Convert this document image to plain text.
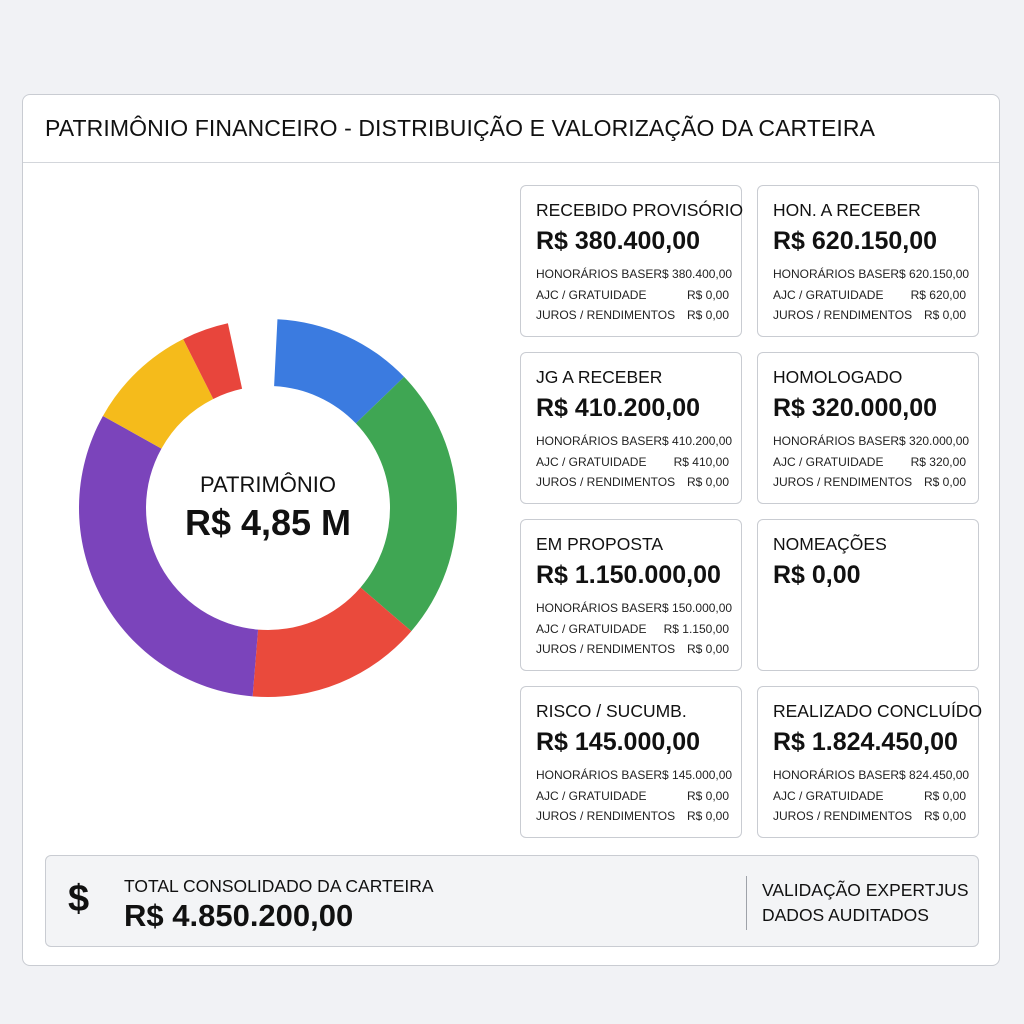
PATRIMÔNIO FINANCEIRO - DISTRIBUIÇÃO E VALORIZAÇÃO DA CARTEIRA
PATRIMÔNIO
R$ 4,85 M
RECEBIDO PROVISÓRIO
R$ 380.400,00
HONORÁRIOS BASE R$ 380.400,00
AJC / GRATUIDADE	R$ 0,00
JUROS / RENDIMENTOS R$ 0,00
HON. A RECEBER
R$ 620.150,00
HONORÁRIOS BASE R$ 620.150,00
AJC / GRATUIDADE R$ 620,00
JUROS / RENDIMENTOS R$ 0,00
JG A RECEBER
R$ 410.200,00
HONORÁRIOS BASE R$ 410.200,00
AJC / GRATUIDADE R$ 410,00
JUROS / RENDIMENTOS R$ 0,00
HOMOLOGADO
R$ 320.000,00
HONORÁRIOS BASE R$ 320.000,00
AJC / GRATUIDADE R$ 320,00
JUROS / RENDIMENTOS R$ 0,00
EM PROPOSTA
R$ 1.150.000,00
HONORÁRIOS BASE R$ 150.000,00
AJC / GRATUIDADE R$ 1.150,00
JUROS / RENDIMENTOS R$ 0,00
NOMEAÇÕES
R$ 0,00
RISCO / SUCUMB.
R$ 145.000,00
HONORÁRIOS BASE R$ 145.000,00
AJC / GRATUIDADE	R$ 0,00
JUROS / RENDIMENTOS R$ 0,00
REALIZADO CONCLUÍDO
R$ 1.824.450,00
HONORÁRIOS BASE R$ 824.450,00
AJC / GRATUIDADE	R$ 0,00
JUROS / RENDIMENTOS R$ 0,00
$ TOTAL CONSOLIDADO DA CARTEIRA
R$ 4.850.200,00
VALIDAÇÃO EXPERTJUS
DADOS AUDITADOS
